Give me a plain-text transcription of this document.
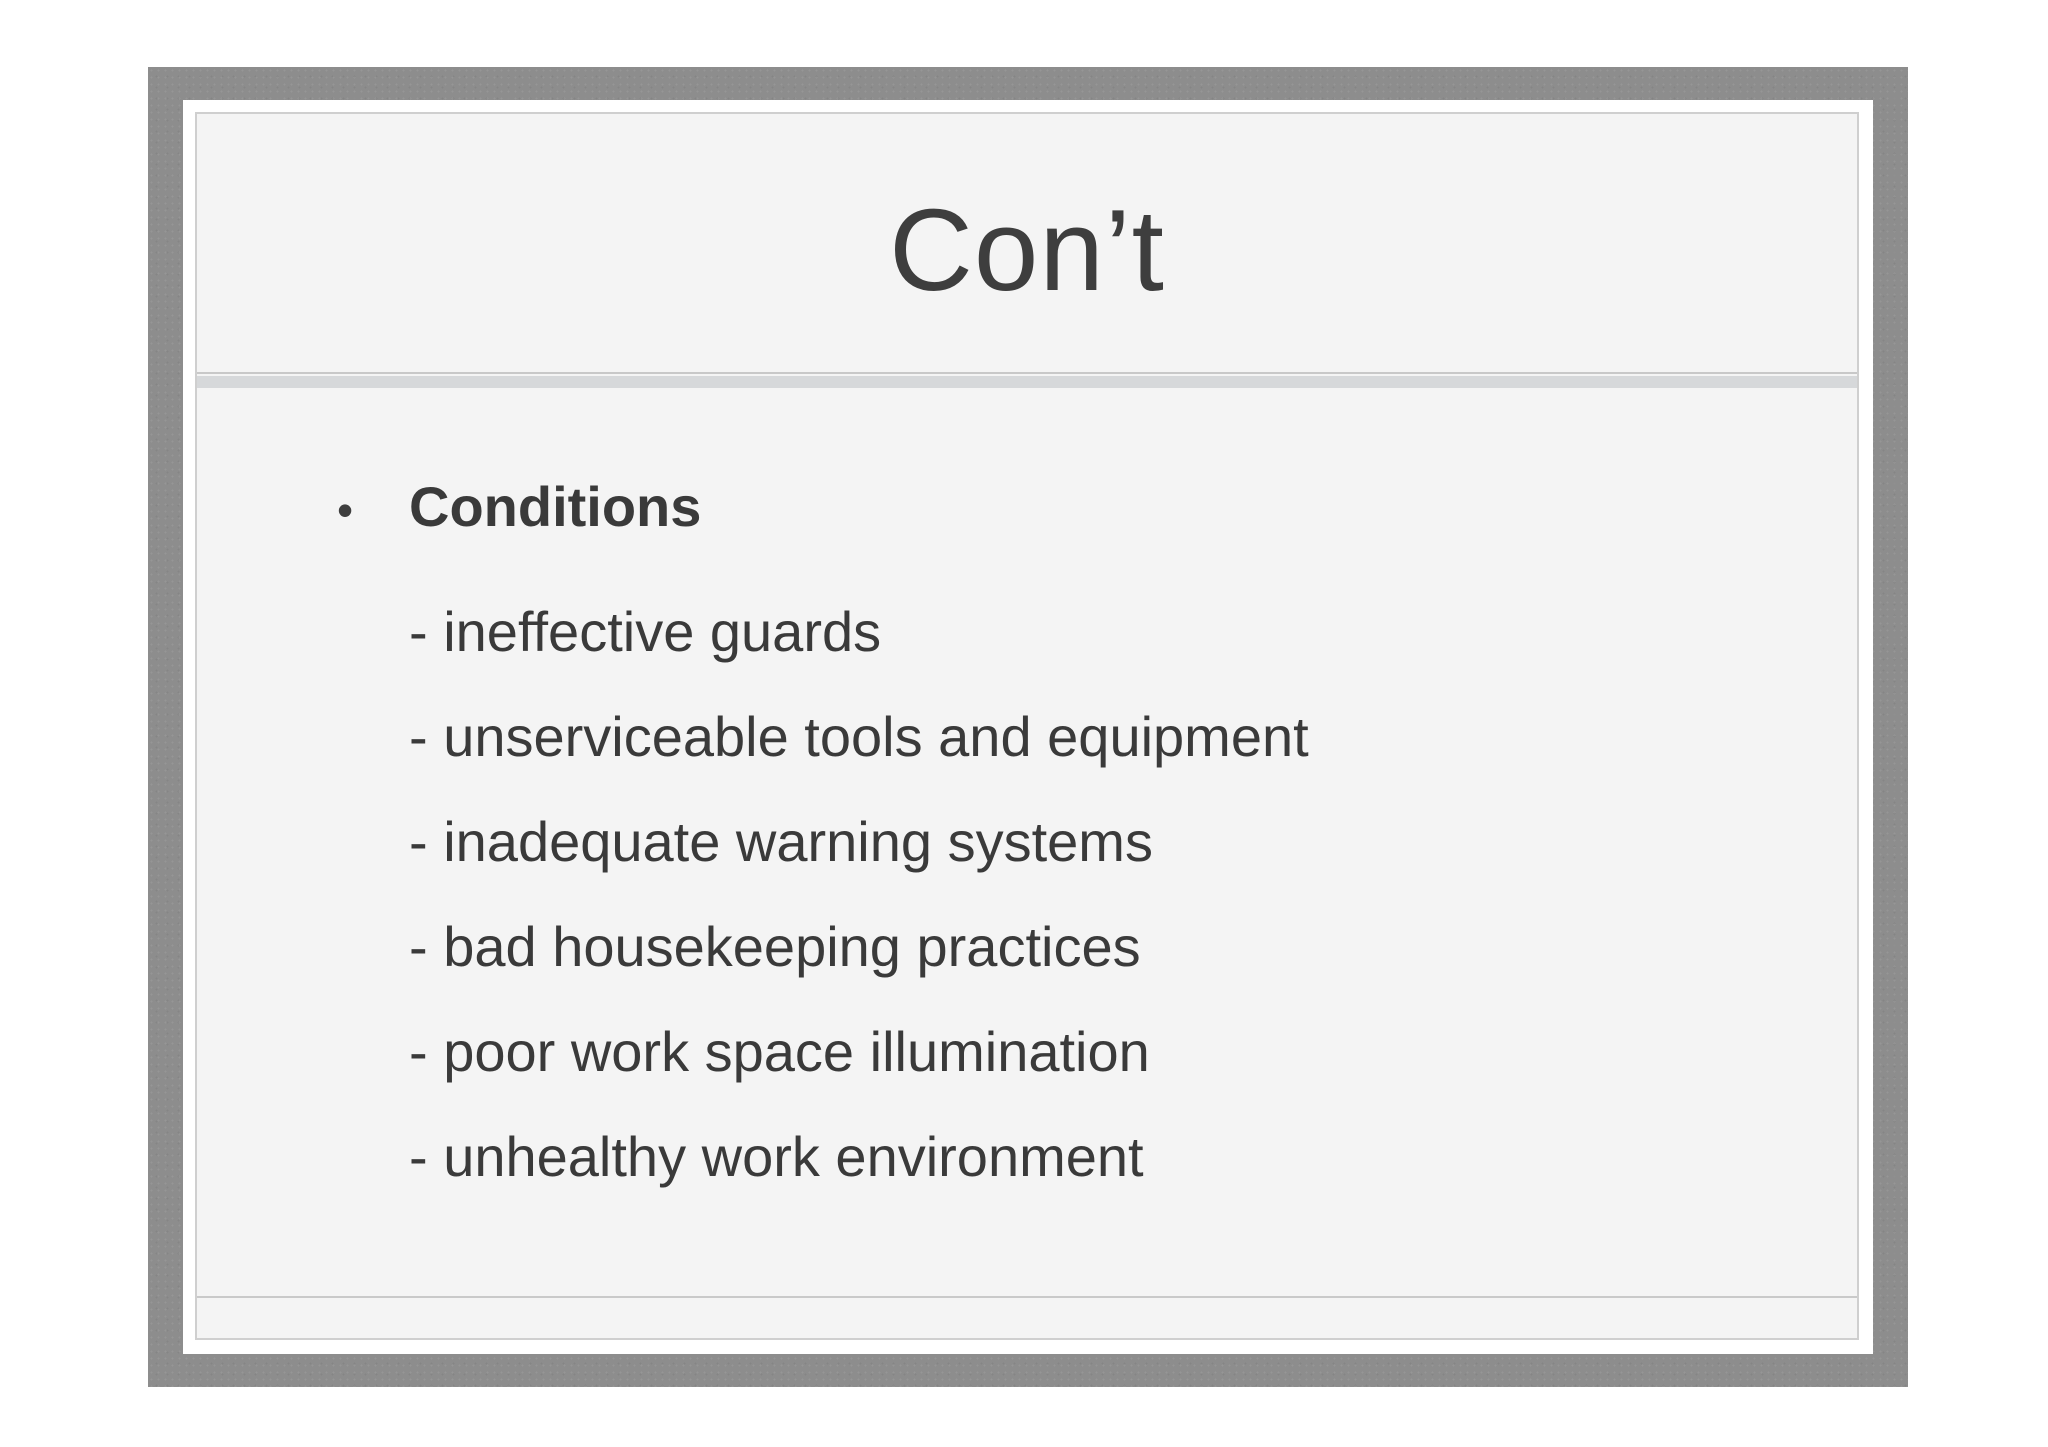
Con’t
• Conditions
- ineffective guards
- unserviceable tools and equipment
- inadequate warning systems
- bad housekeeping practices
- poor work space illumination
- unhealthy work environment
